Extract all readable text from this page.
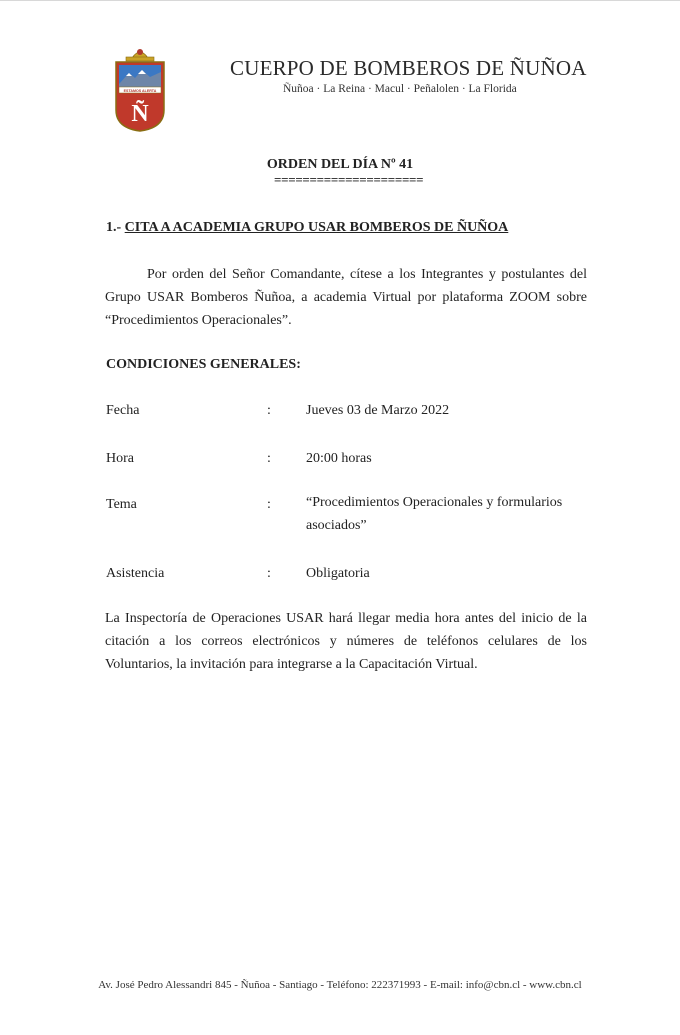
ESTAMOS ALERTA
Ñ
CUERPO DE BOMBEROS DE ÑUÑOA
Ñuñoa · La Reina · Macul · Peñalolen · La Florida
ORDEN DEL DÍA Nº 41
=====================
1.- CITA A ACADEMIA GRUPO USAR BOMBEROS DE ÑUÑOA
Por orden del Señor Comandante, cítese a los Integrantes y postulantes del Grupo USAR Bomberos Ñuñoa, a academia Virtual por plataforma ZOOM sobre “Procedimientos Operacionales”.
CONDICIONES GENERALES:
Fecha	:	Jueves 03 de Marzo 2022
Hora	:	20:00 horas
Tema	:	“Procedimientos Operacionales y formularios asociados”
Asistencia	:	Obligatoria
La Inspectoría de Operaciones USAR hará llegar media hora antes del inicio de la citación a los correos electrónicos y númeres de teléfonos celulares de los Voluntarios, la invitación para integrarse a la Capacitación Virtual.
Av. José Pedro Alessandri 845 - Ñuñoa - Santiago - Teléfono: 222371993 - E-mail: info@cbn.cl - www.cbn.cl
